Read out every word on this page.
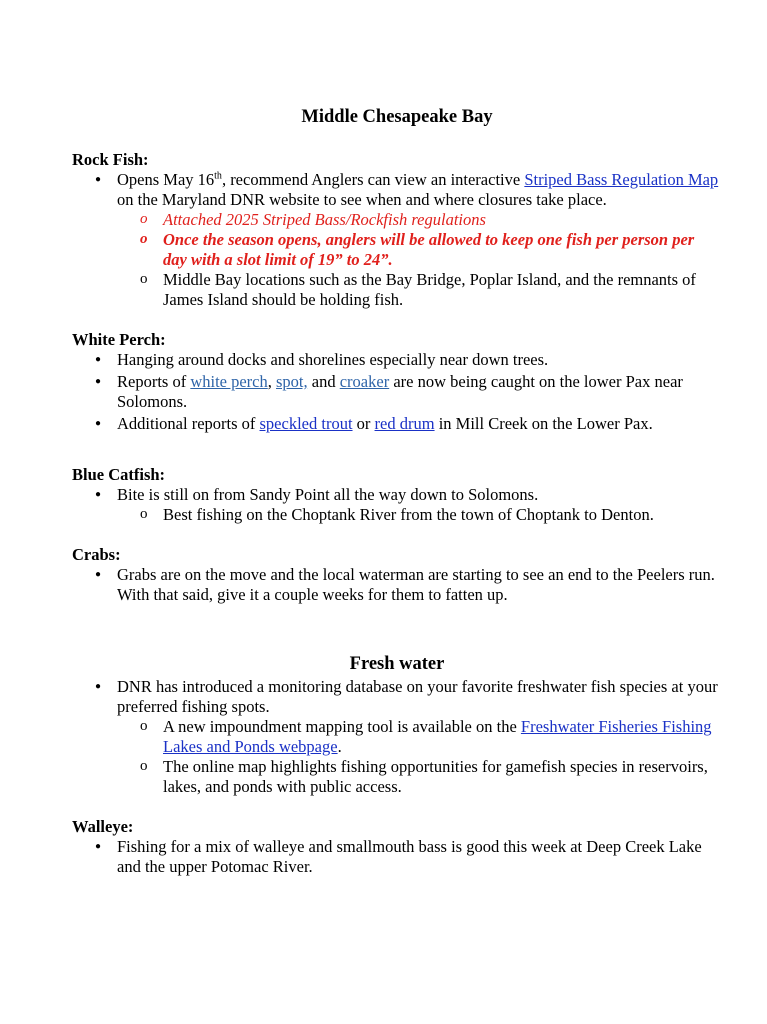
Middle Chesapeake Bay
Rock Fish:
● Opens May 16th, recommend Anglers can view an interactive Striped Bass Regulation Map on the Maryland DNR website to see when and where closures take place.
o Attached 2025 Striped Bass/Rockfish regulations
o Once the season opens, anglers will be allowed to keep one fish per person per day with a slot limit of 19” to 24”.
o Middle Bay locations such as the Bay Bridge, Poplar Island, and the remnants of James Island should be holding fish.
White Perch:
● Hanging around docks and shorelines especially near down trees.
● Reports of white perch, spot, and croaker are now being caught on the lower Pax near Solomons.
● Additional reports of speckled trout or red drum in Mill Creek on the Lower Pax.
Blue Catfish:
● Bite is still on from Sandy Point all the way down to Solomons.
o Best fishing on the Choptank River from the town of Choptank to Denton.
Crabs:
● Grabs are on the move and the local waterman are starting to see an end to the Peelers run. With that said, give it a couple weeks for them to fatten up.
Fresh water
● DNR has introduced a monitoring database on your favorite freshwater fish species at your preferred fishing spots.
o A new impoundment mapping tool is available on the Freshwater Fisheries Fishing Lakes and Ponds webpage.
o The online map highlights fishing opportunities for gamefish species in reservoirs, lakes, and ponds with public access.
Walleye:
● Fishing for a mix of walleye and smallmouth bass is good this week at Deep Creek Lake and the upper Potomac River.
